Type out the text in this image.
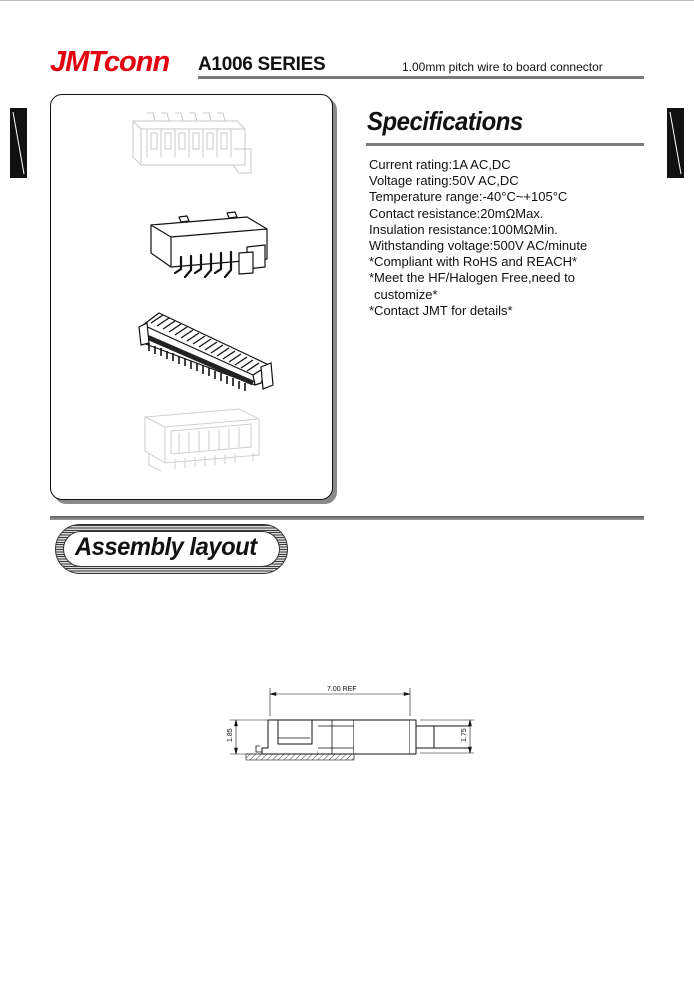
JMTconn A1006 SERIES	1.00mm pitch wire to board connector
Specifications
Current rating:1A AC,DC
Voltage rating:50V AC,DC
Temperature range:-40°C~+105°C
Contact resistance:20mΩMax.
Insulation resistance:100MΩMin.
Withstanding voltage:500V AC/minute
*Compliant with RoHS and REACH*
*Meet the HF/Halogen Free,need to
customize*
*Contact JMT for details*
Assembly layout
7.00 REF
1.85	1.75
